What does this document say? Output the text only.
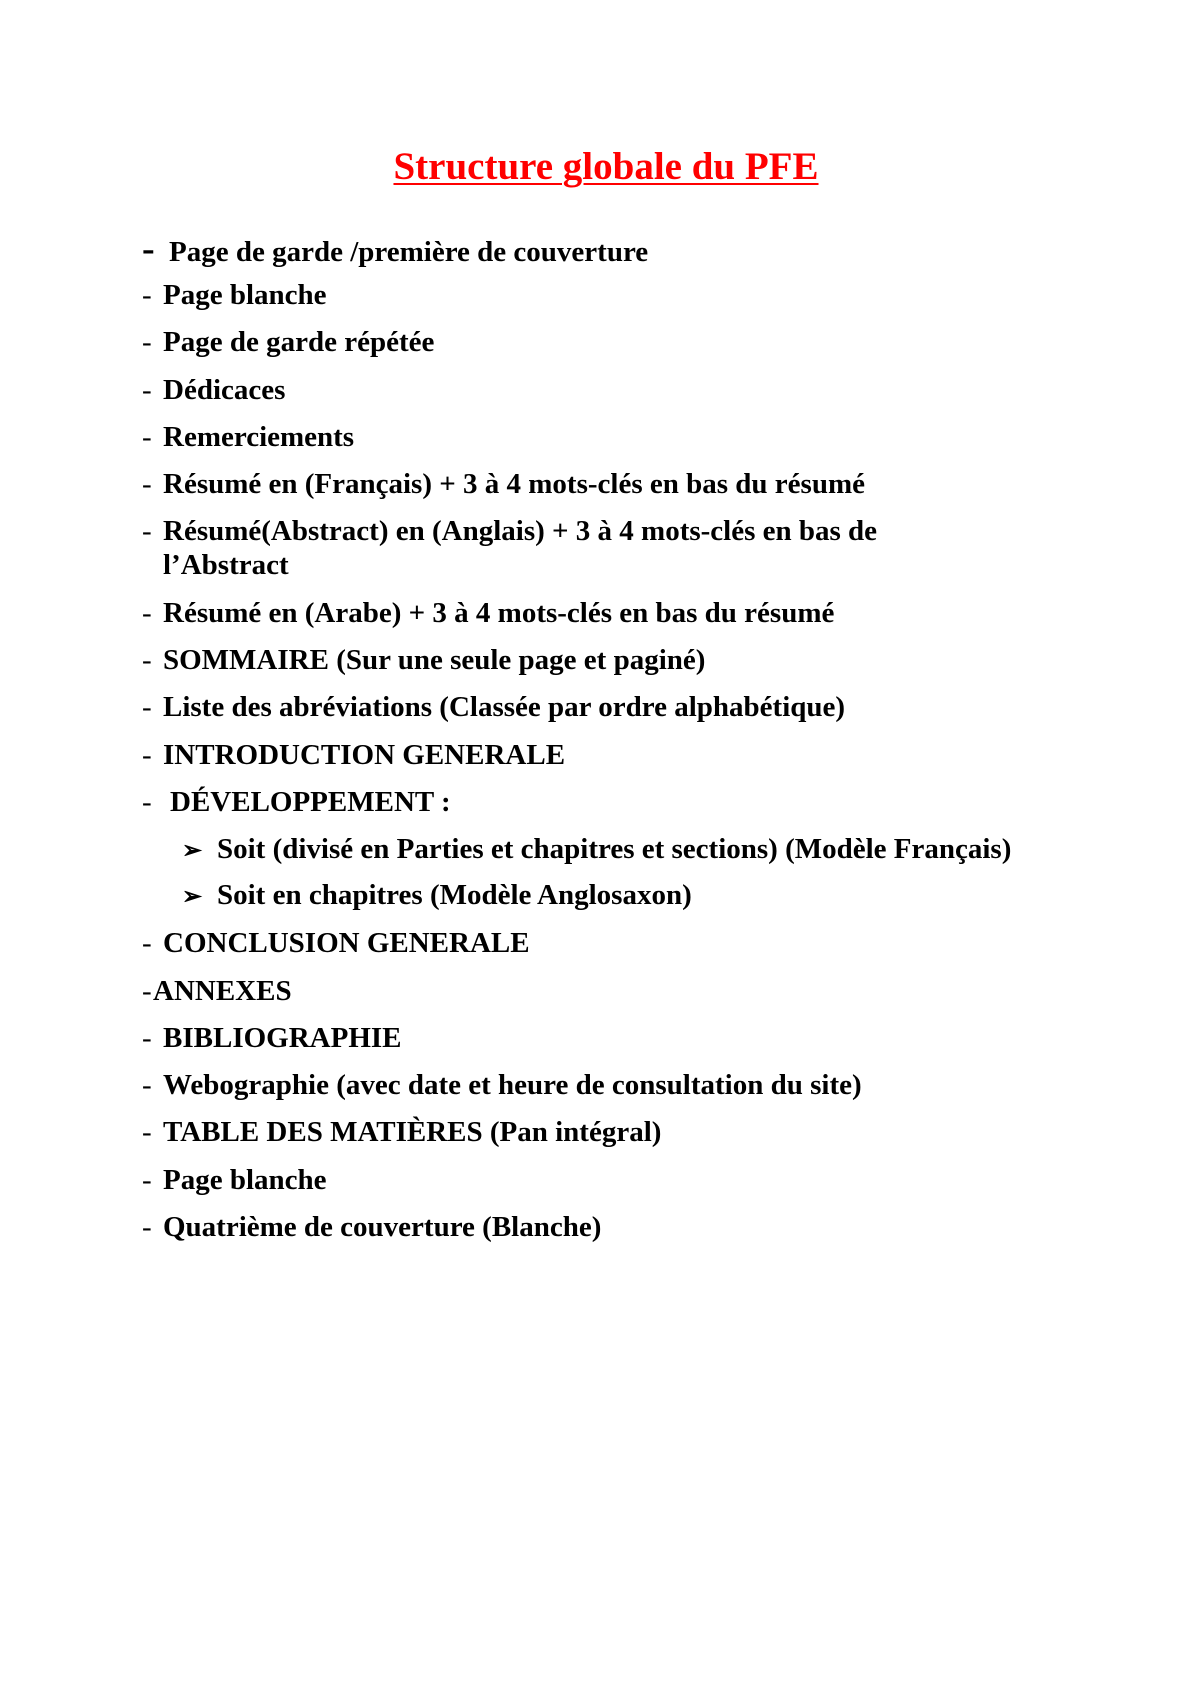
Structure globale du PFE
- Page de garde /première de couverture
- Page blanche
- Page de garde répétée
- Dédicaces
- Remerciements
- Résumé en (Français) + 3 à 4 mots-clés en bas du résumé
- Résumé(Abstract) en (Anglais) + 3 à 4 mots-clés en bas de l’Abstract
- Résumé en (Arabe) + 3 à 4 mots-clés en bas du résumé
- SOMMAIRE (Sur une seule page et paginé)
- Liste des abréviations (Classée par ordre alphabétique)
- INTRODUCTION GENERALE
- DÉVELOPPEMENT :
➢ Soit (divisé en Parties et chapitres et sections) (Modèle Français)
➢ Soit en chapitres (Modèle Anglosaxon)
- CONCLUSION GENERALE
- ANNEXES
- BIBLIOGRAPHIE
- Webographie (avec date et heure de consultation du site)
- TABLE DES MATIÈRES (Pan intégral)
- Page blanche
- Quatrième de couverture (Blanche)
